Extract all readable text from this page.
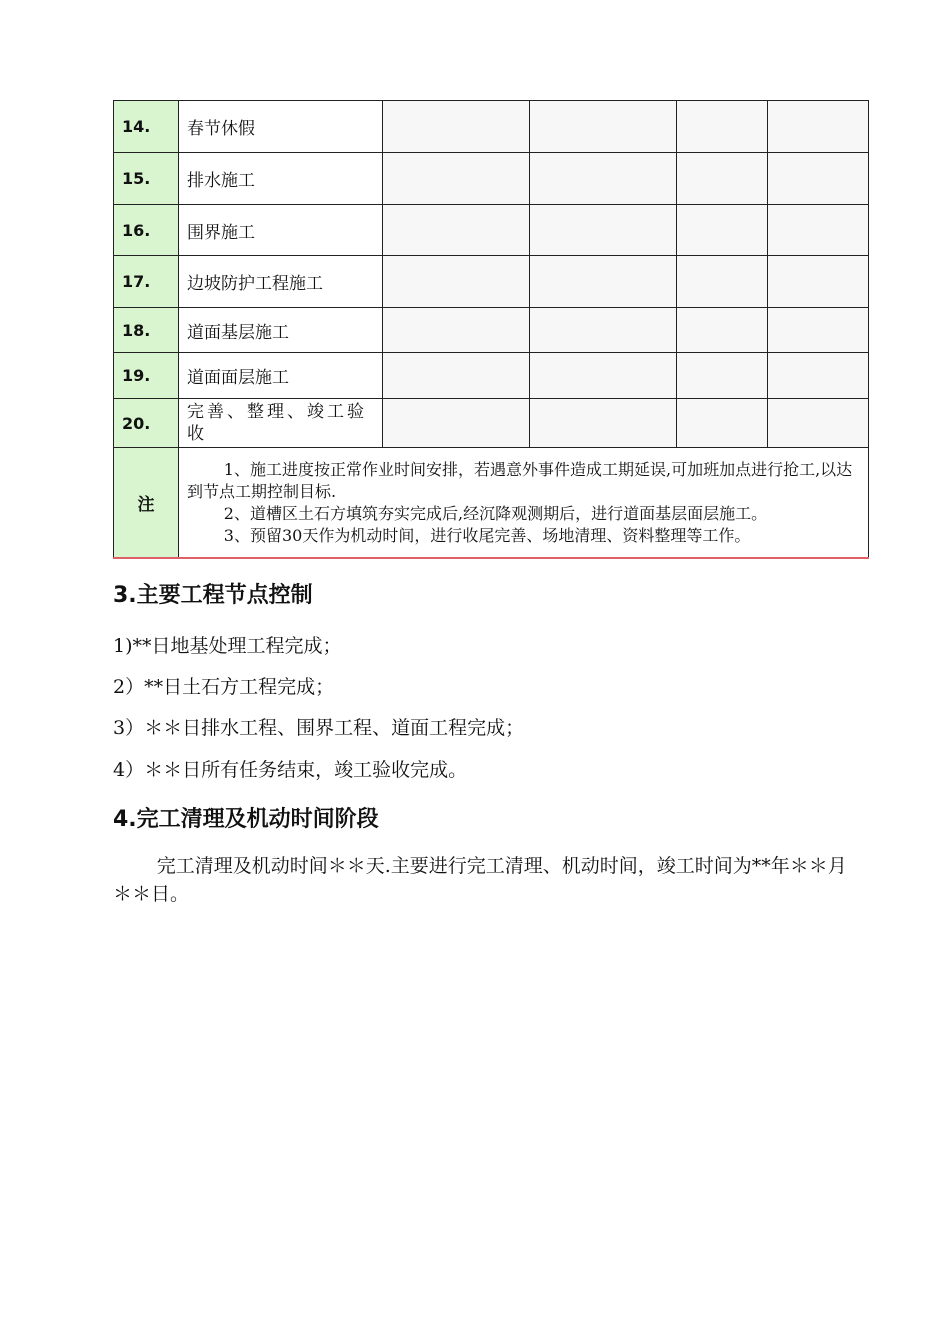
14.	春节休假				
15.	排水施工				
16.	围界施工				
17.	边坡防护工程施工				
18.	道面基层施工				
19.	道面面层施工				
20.	完善、整理、竣工验收				
注	1、施工进度按正常作业时间安排，若遇意外事件造成工期延误,可加班加点进行抢工,以达到节点工期控制目标.

2、道槽区土石方填筑夯实完成后,经沉降观测期后，进行道面基层面层施工。

3、预留30天作为机动时间，进行收尾完善、场地清理、资料整理等工作。				

3.主要工程节点控制

1)**日地基处理工程完成；

2）**日土石方工程完成；

3）＊＊日排水工程、围界工程、道面工程完成；

4）＊＊日所有任务结束，竣工验收完成。

4.完工清理及机动时间阶段

完工清理及机动时间＊＊天.主要进行完工清理、机动时间，竣工时间为**年＊＊月＊＊日。
